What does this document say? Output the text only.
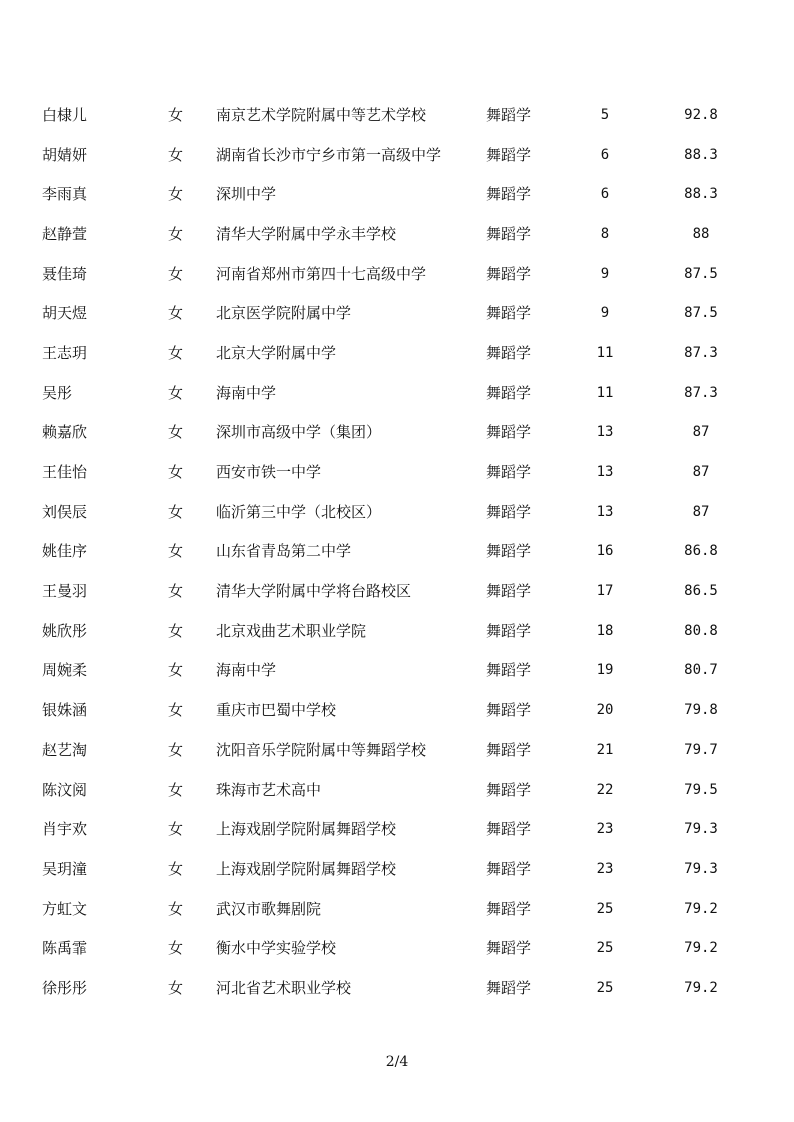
白棣儿	女	南京艺术学院附属中等艺术学校	舞蹈学	5	92.8
胡婧妍	女	湖南省长沙市宁乡市第一高级中学	舞蹈学	6	88.3
李雨真	女	深圳中学	舞蹈学	6	88.3
赵静萱	女	清华大学附属中学永丰学校	舞蹈学	8	88
聂佳琦	女	河南省郑州市第四十七高级中学	舞蹈学	9	87.5
胡天煜	女	北京医学院附属中学	舞蹈学	9	87.5
王志玥	女	北京大学附属中学	舞蹈学	11	87.3
吴彤	女	海南中学	舞蹈学	11	87.3
赖嘉欣	女	深圳市高级中学（集团）	舞蹈学	13	87
王佳怡	女	西安市铁一中学	舞蹈学	13	87
刘俣辰	女	临沂第三中学（北校区）	舞蹈学	13	87
姚佳序	女	山东省青岛第二中学	舞蹈学	16	86.8
王曼羽	女	清华大学附属中学将台路校区	舞蹈学	17	86.5
姚欣彤	女	北京戏曲艺术职业学院	舞蹈学	18	80.8
周婉柔	女	海南中学	舞蹈学	19	80.7
银姝涵	女	重庆市巴蜀中学校	舞蹈学	20	79.8
赵艺淘	女	沈阳音乐学院附属中等舞蹈学校	舞蹈学	21	79.7
陈汶阅	女	珠海市艺术高中	舞蹈学	22	79.5
肖宇欢	女	上海戏剧学院附属舞蹈学校	舞蹈学	23	79.3
吴玥潼	女	上海戏剧学院附属舞蹈学校	舞蹈学	23	79.3
方虹文	女	武汉市歌舞剧院	舞蹈学	25	79.2
陈禹霏	女	衡水中学实验学校	舞蹈学	25	79.2
徐彤彤	女	河北省艺术职业学校	舞蹈学	25	79.2
2/4
